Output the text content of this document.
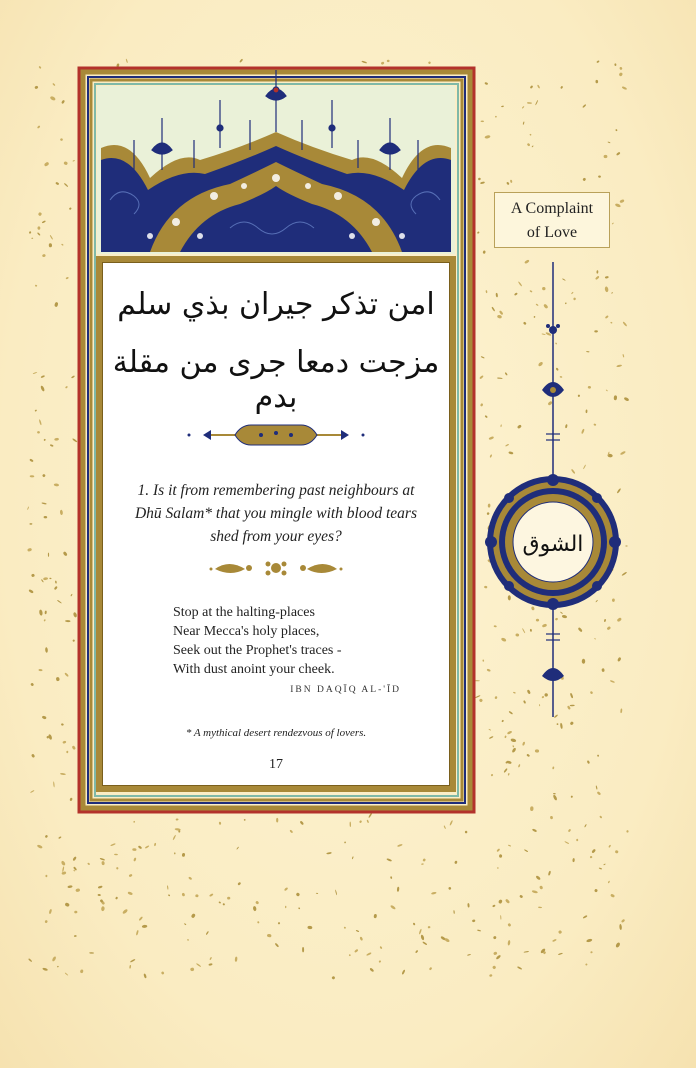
امن تذكر جيران بذي سلم
مزجت دمعا جرى من مقلة بدم
1. Is it from remembering past neighbours at Dhū Salam* that you mingle with blood tears shed from your eyes?
Stop at the halting-places
Near Mecca's holy places,
Seek out the Prophet's traces -
With dust anoint your cheek.
IBN DAQĪQ AL-'ĪD
* A mythical desert rendezvous of lovers.
17
A Complaint
of Love
الشوق
